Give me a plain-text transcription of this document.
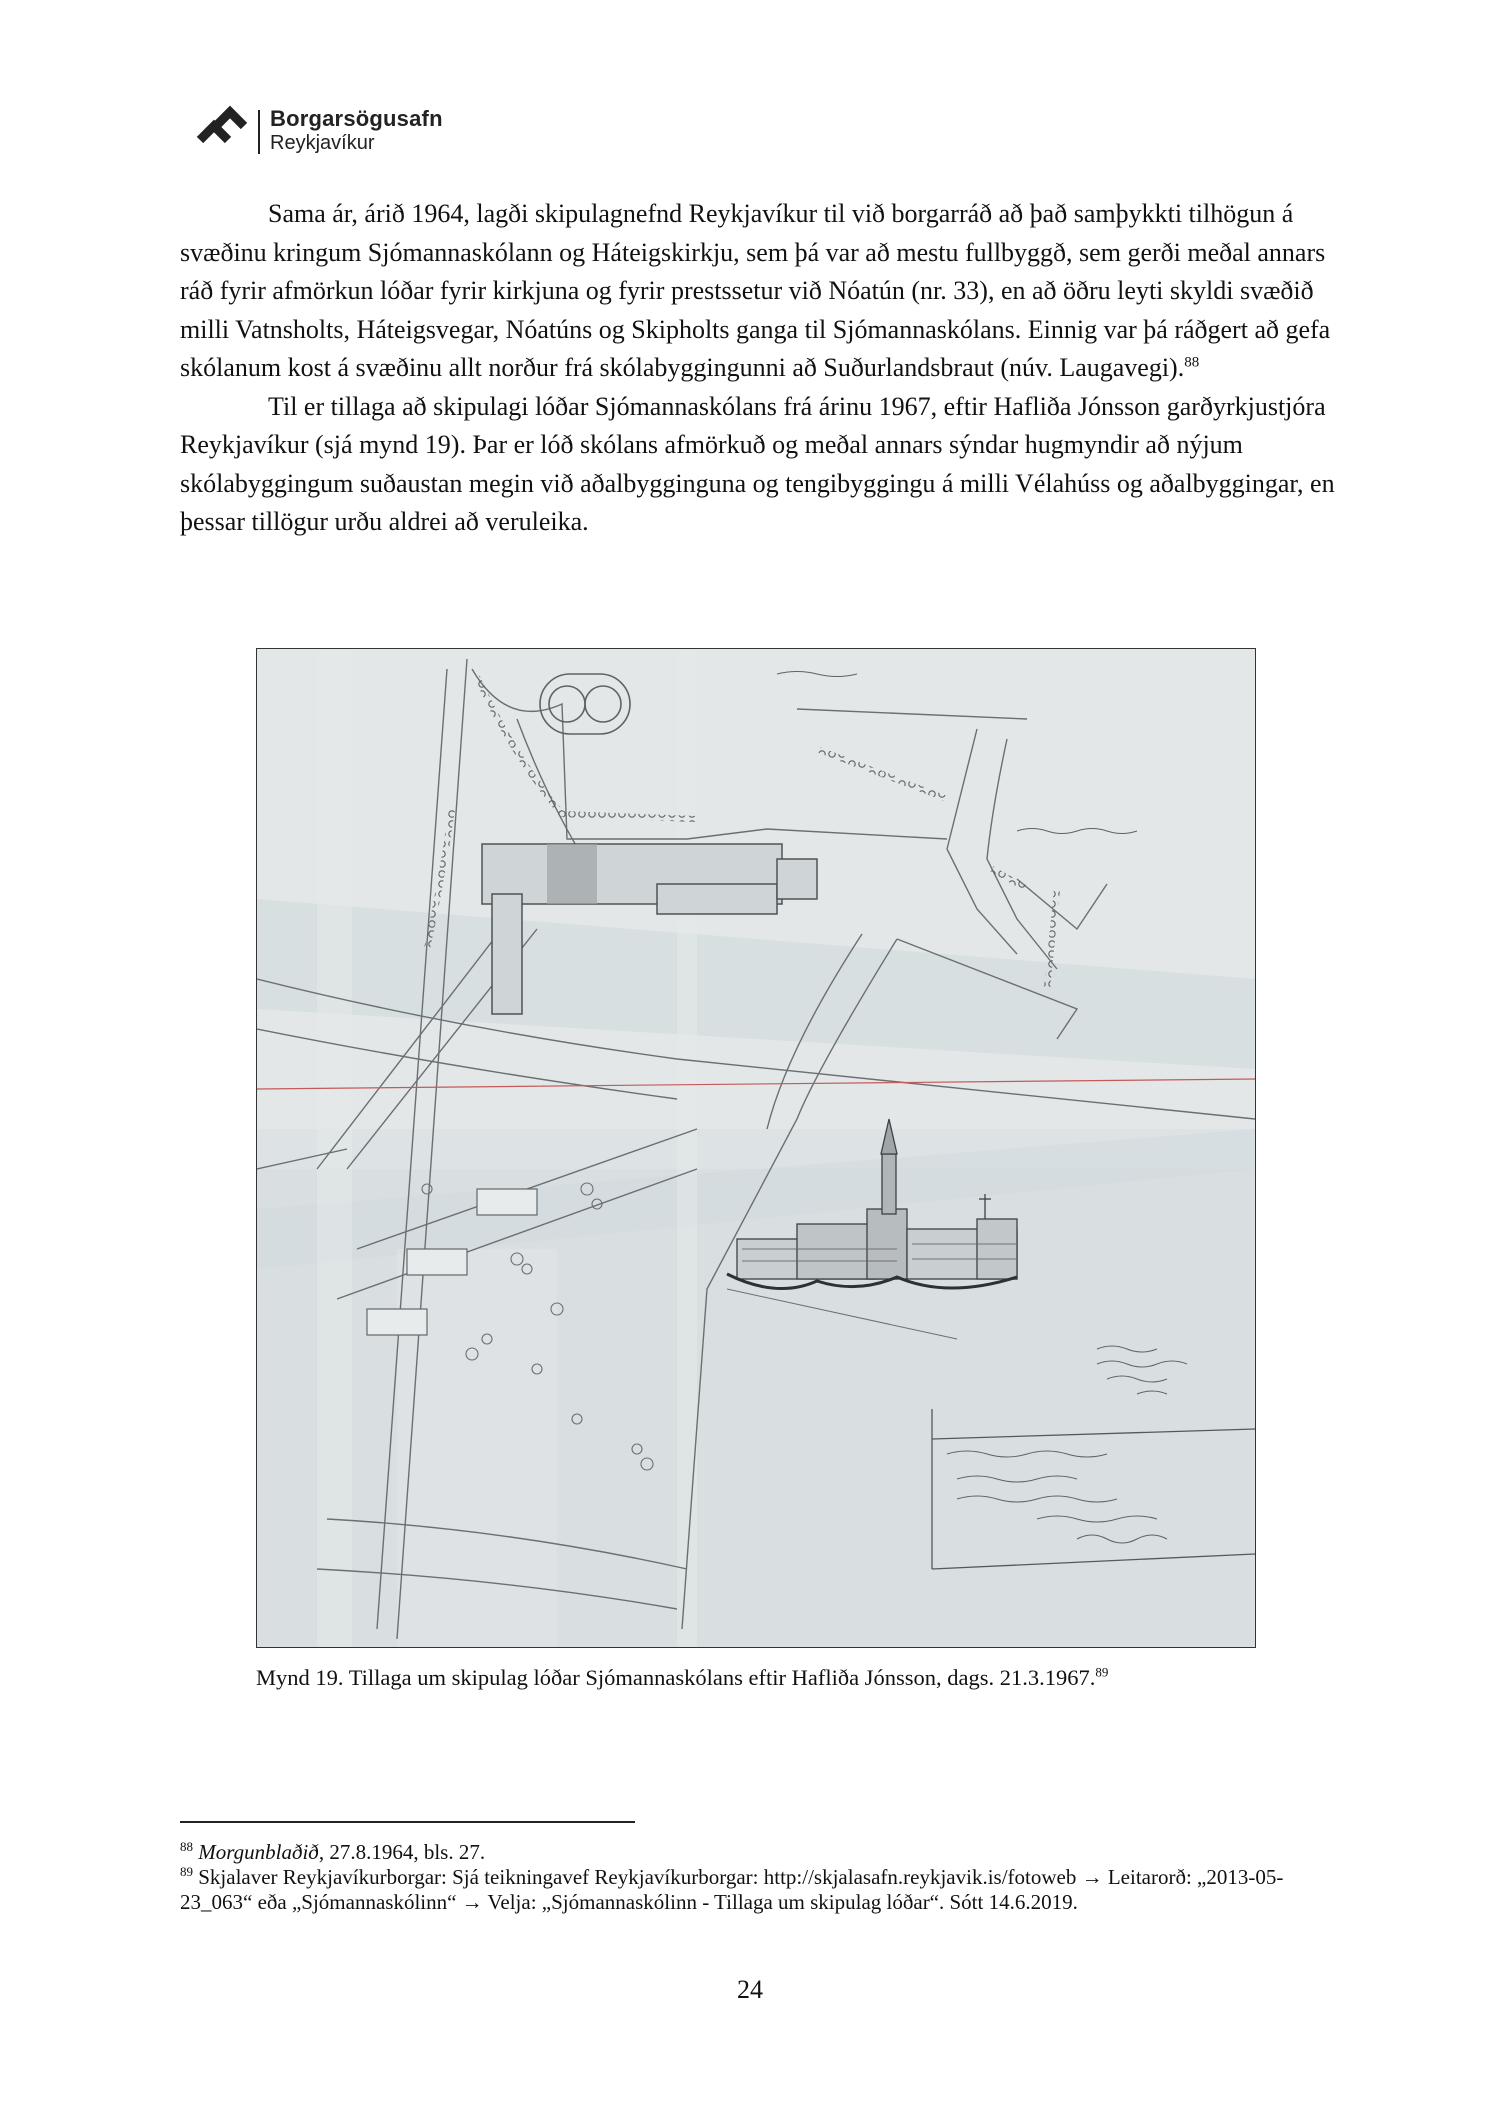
Borgarsögusafn
Reykjavíkur

Sama ár, árið 1964, lagði skipulagnefnd Reykjavíkur til við borgarráð að það samþykkti tilhögun á svæðinu kringum Sjómannaskólann og Háteigskirkju, sem þá var að mestu fullbyggð, sem gerði meðal annars ráð fyrir afmörkun lóðar fyrir kirkjuna og fyrir prestssetur við Nóatún (nr. 33), en að öðru leyti skyldi svæðið milli Vatnsholts, Háteigsvegar, Nóatúns og Skipholts ganga til Sjómannaskólans. Einnig var þá ráðgert að gefa skólanum kost á svæðinu allt norður frá skólabyggingunni að Suðurlandsbraut (núv. Laugavegi).$^{88}$

Til er tillaga að skipulagi lóðar Sjómannaskólans frá árinu 1967, eftir Hafliða Jónsson garðyrkjustjóra Reykjavíkur (sjá mynd 19). Þar er lóð skólans afmörkuð og meðal annars sýndar hugmyndir að nýjum skólabyggingum suðaustan megin við aðalbygginguna og tengibyggingu á milli Vélahúss og aðalbyggingar, en þessar tillögur urðu aldrei að veruleika.

Mynd 19. Tillaga um skipulag lóðar Sjómannaskólans eftir Hafliða Jónsson, dags. 21.3.1967.89

$^{88}$ Morgunblaðið, 27.8.1964, bls. 27.

$^{89}$ Skjalaver Reykjavíkurborgar: Sjá teikningavef Reykjavíkurborgar: http://skjalasafn.reykjavik.is/fotoweb → Leitarorð: „2013-05-23_063“ eða „Sjómannaskólinn“ → Velja: „Sjómannaskólinn - Tillaga um skipulag lóðar“. Sótt 14.6.2019.

24
